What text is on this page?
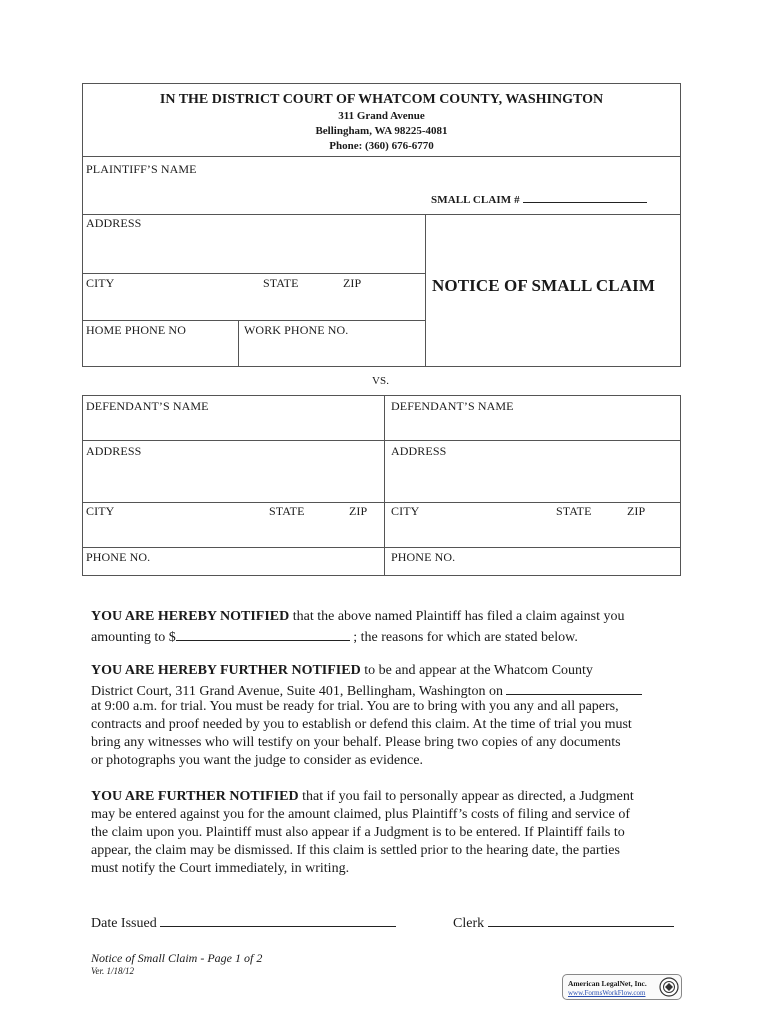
IN THE DISTRICT COURT OF WHATCOM COUNTY, WASHINGTON
311 Grand Avenue
Bellingham, WA 98225-4081
Phone: (360) 676-6770
PLAINTIFF’S NAME
SMALL CLAIM #
ADDRESS
CITY	STATE	ZIP
HOME PHONE NO	WORK PHONE NO.
NOTICE OF SMALL CLAIM
VS.
DEFENDANT’S NAME
ADDRESS
CITY	STATE	ZIP
PHONE NO.
DEFENDANT’S NAME
ADDRESS
CITY	STATE	ZIP
PHONE NO.
YOU ARE HEREBY NOTIFIED that the above named Plaintiff has filed a claim against you
amounting to $	; the reasons for which are stated below.
YOU ARE HEREBY FURTHER NOTIFIED to be and appear at the Whatcom County
District Court, 311 Grand Avenue, Suite 401, Bellingham, Washington on
at 9:00 a.m. for trial. You must be ready for trial. You are to bring with you any and all papers,
contracts and proof needed by you to establish or defend this claim. At the time of trial you must
bring any witnesses who will testify on your behalf. Please bring two copies of any documents
or photographs you want the judge to consider as evidence.
YOU ARE FURTHER NOTIFIED that if you fail to personally appear as directed, a Judgment
may be entered against you for the amount claimed, plus Plaintiff’s costs of filing and service of
the claim upon you. Plaintiff must also appear if a Judgment is to be entered. If Plaintiff fails to
appear, the claim may be dismissed. If this claim is settled prior to the hearing date, the parties
must notify the Court immediately, in writing.
Date Issued	Clerk
Notice of Small Claim - Page 1 of 2
Ver. 1/18/12
American LegalNet, Inc.
www.FormsWorkFlow.com
